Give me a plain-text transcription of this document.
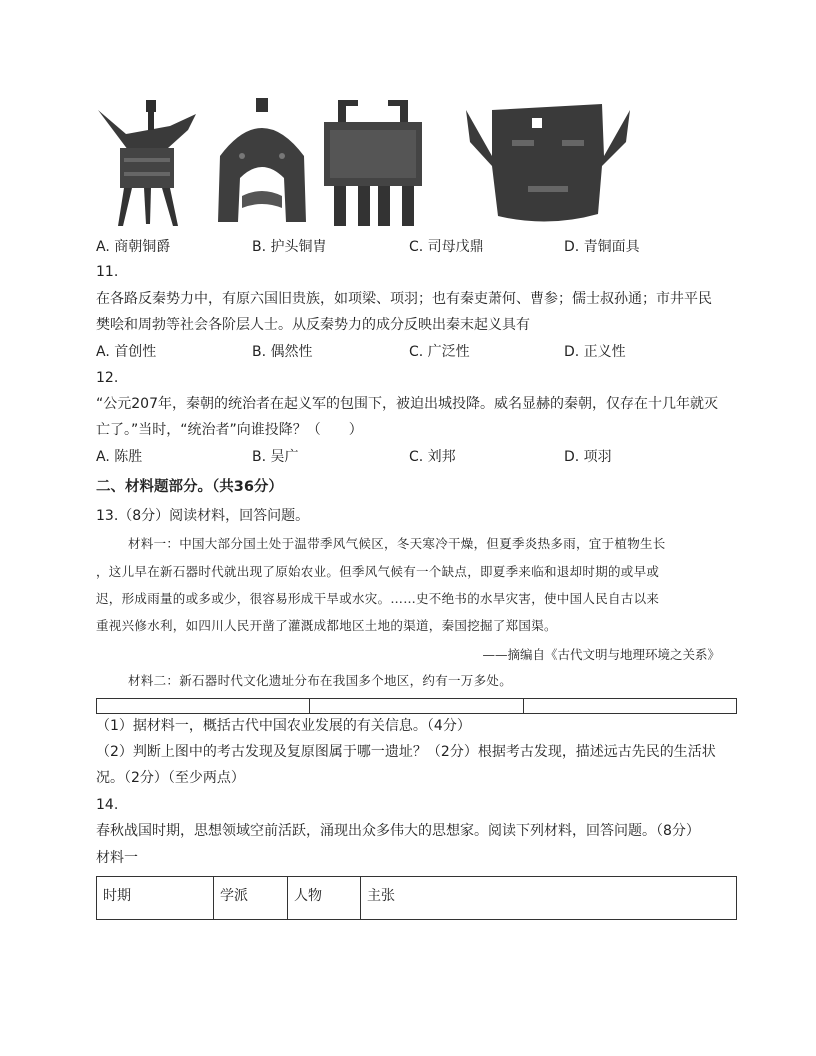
A. 商朝铜爵	B. 护头铜胄	C. 司母戊鼎	D. 青铜面具
11.
在各路反秦势力中，有原六国旧贵族，如项梁、项羽；也有秦吏萧何、曹参；儒士叔孙通；市井平民
樊哙和周勃等社会各阶层人士。从反秦势力的成分反映出秦末起义具有
A. 首创性	B. 偶然性	C. 广泛性	D. 正义性
12.
“公元207年，秦朝的统治者在起义军的包围下，被迫出城投降。威名显赫的秦朝，仅存在十几年就灭
亡了。”当时，“统治者”向谁投降？（　　）
A. 陈胜	B. 吴广	C. 刘邦	D. 项羽
二、材料题部分。（共36分）
13.（8分）阅读材料，回答问题。
材料一：中国大部分国土处于温带季风气候区，冬天寒冷干燥，但夏季炎热多雨，宜于植物生长
，这儿早在新石器时代就出现了原始农业。但季风气候有一个缺点，即夏季来临和退却时期的或早或
迟，形成雨量的或多或少，很容易形成干旱或水灾。……史不绝书的水旱灾害，使中国人民自古以来
重视兴修水利，如四川人民开凿了灌溉成都地区土地的渠道，秦国挖掘了郑国渠。
——摘编自《古代文明与地理环境之关系》
材料二：新石器时代文化遗址分布在我国多个地区，约有一万多处。
（1）据材料一，概括古代中国农业发展的有关信息。（4分）
（2）判断上图中的考古发现及复原图属于哪一遗址？（2分）根据考古发现，描述远古先民的生活状
况。（2分）（至少两点）
14.
春秋战国时期，思想领域空前活跃，涌现出众多伟大的思想家。阅读下列材料，回答问题。（8分）
材料一
时期	学派	人物	主张
